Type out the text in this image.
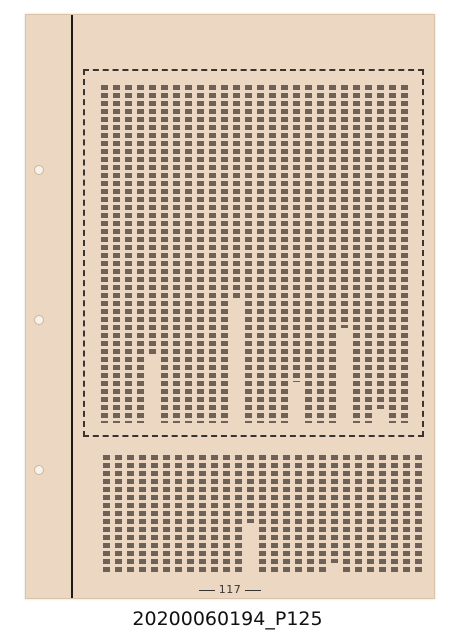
117
20200060194_P125
